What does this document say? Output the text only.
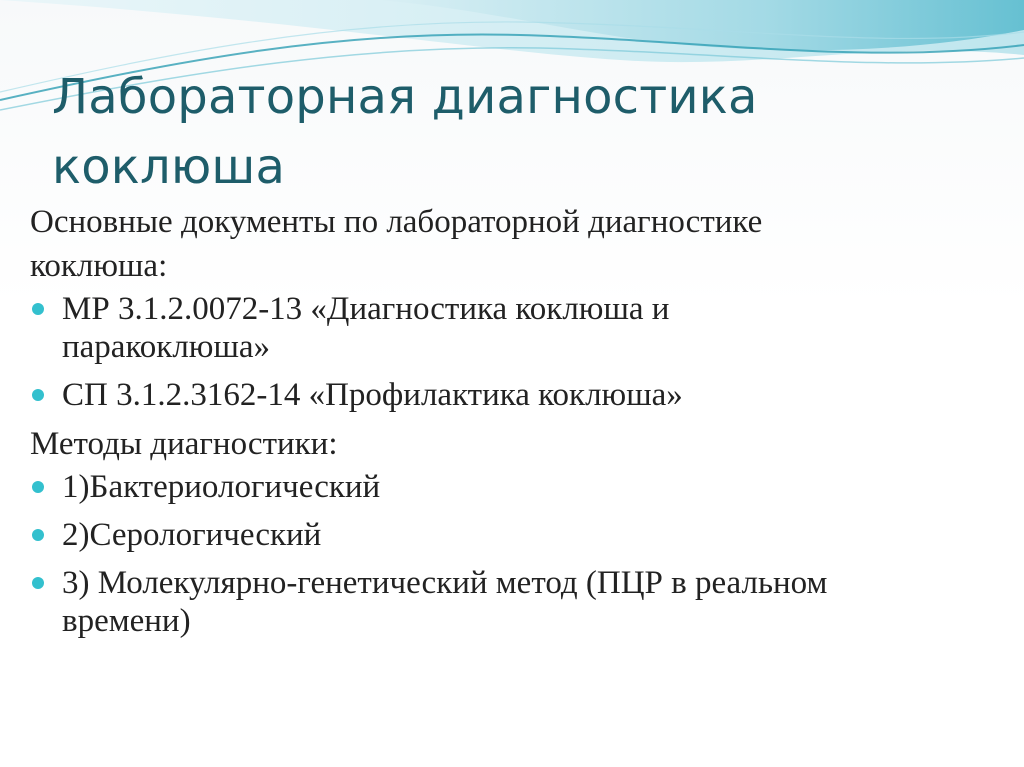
Лабораторная диагностика
коклюша

Основные документы по лабораторной диагностике
коклюша:

МР 3.1.2.0072-13 «Диагностика коклюша и
паракоклюша»
СП 3.1.2.3162-14 «Профилактика коклюша»

Методы диагностики:

1)Бактериологический
2)Серологический
3) Молекулярно-генетический метод (ПЦР в реальном
времени)
